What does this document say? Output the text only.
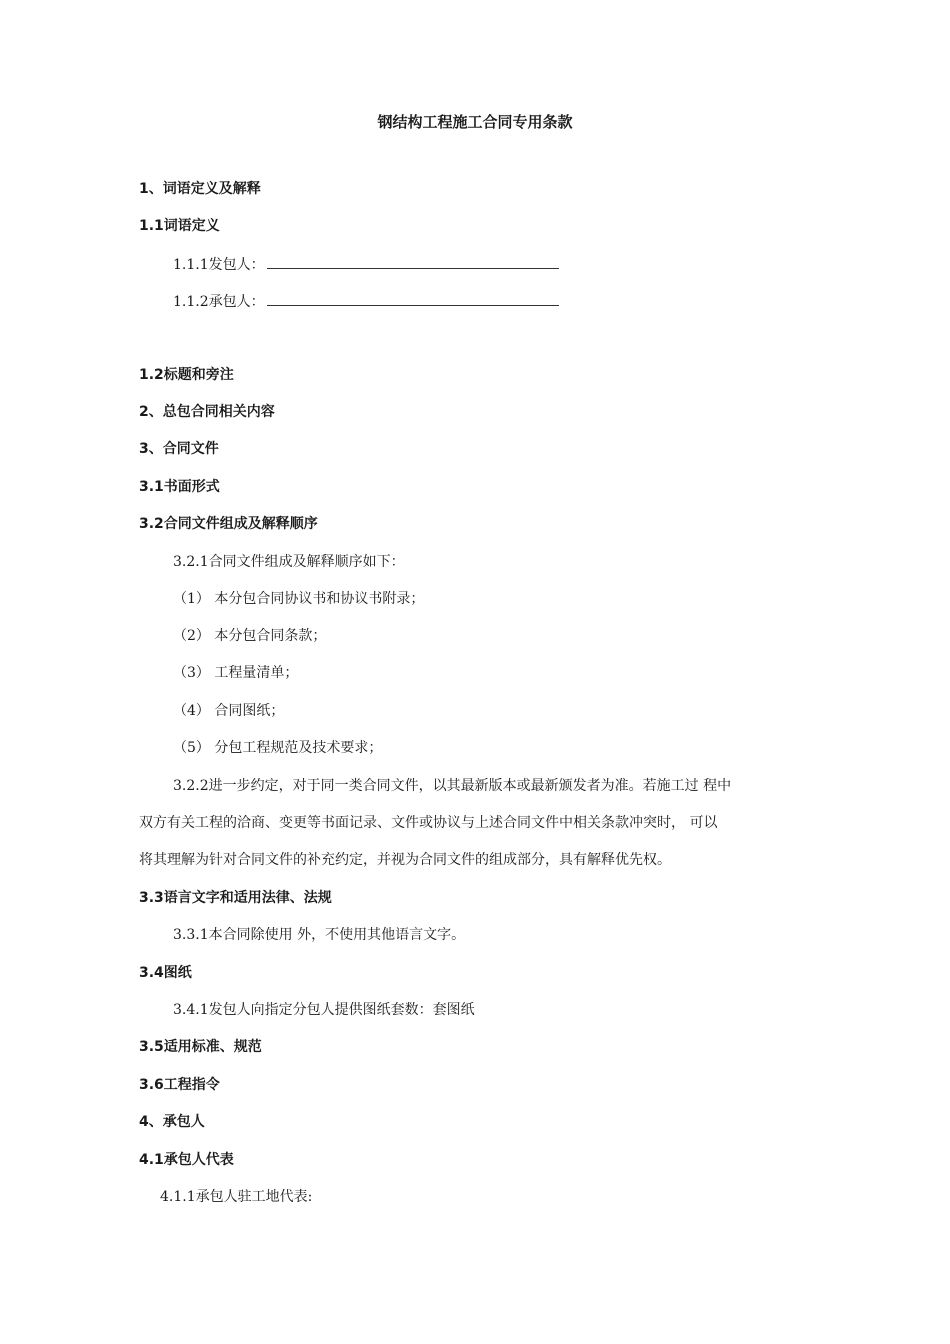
钢结构工程施工合同专用条款
1、词语定义及解释
1.1词语定义
1.1.1发包人：
1.1.2承包人：
1.2标题和旁注
2、总包合同相关内容
3、合同文件
3.1书面形式
3.2合同文件组成及解释顺序
3.2.1合同文件组成及解释顺序如下：
（1） 本分包合同协议书和协议书附录；
（2） 本分包合同条款；
（3） 工程量清单；
（4） 合同图纸；
（5） 分包工程规范及技术要求；
3.2.2进一步约定，对于同一类合同文件，以其最新版本或最新颁发者为准。若施工过 程中
双方有关工程的洽商、变更等书面记录、文件或协议与上述合同文件中相关条款冲突时， 可以
将其理解为针对合同文件的补充约定，并视为合同文件的组成部分，具有解释优先权。
3.3语言文字和适用法律、法规
3.3.1本合同除使用 外，不使用其他语言文字。
3.4图纸
3.4.1发包人向指定分包人提供图纸套数：套图纸
3.5适用标准、规范
3.6工程指令
4、承包人
4.1承包人代表
4.1.1承包人驻工地代表:
